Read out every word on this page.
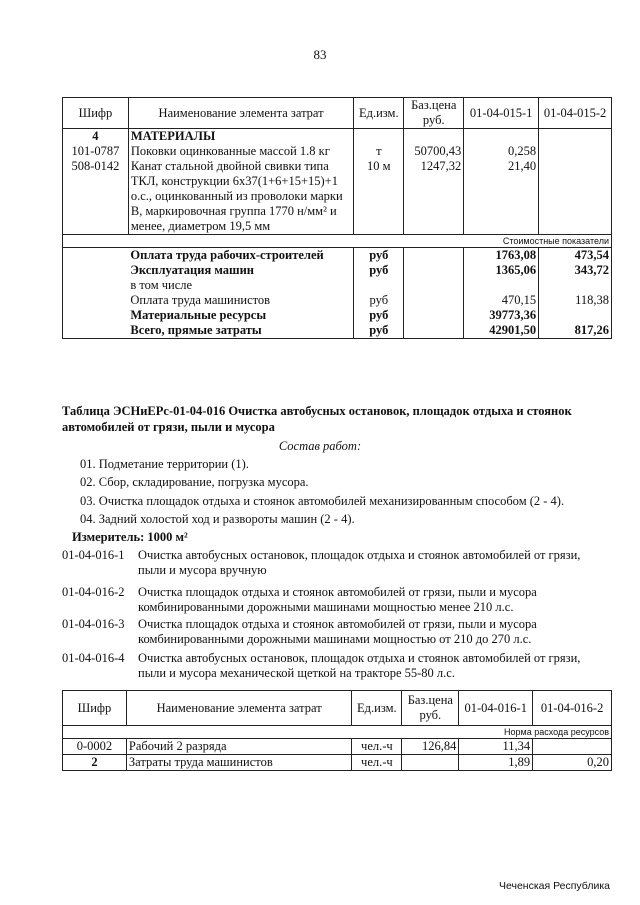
83
Шифр	Наименование элемента затрат	Ед.изм.	Баз.цена руб.	01-04-015-1	01-04-015-2
4	МАТЕРИАЛЫ				
101-0787	Поковки оцинкованные массой 1.8 кг	т	50700,43	0,258	
508-0142	Канат стальной двойной свивки типа ТКЛ, конструкции 6х37(1+6+15+15)+1 о.с., оцинкованный из проволоки марки В, маркировочная группа 1770 н/мм² и менее, диаметром 19,5 мм	10 м	1247,32	21,40	
Стоимостные показатели					
	Оплата труда рабочих-строителей	руб		1763,08	473,54
	Эксплуатация машин	руб		1365,06	343,72
	в том числе				
	Оплата труда машинистов	руб		470,15	118,38
	Материальные ресурсы	руб		39773,36	
	Всего, прямые затраты	руб		42901,50	817,26
Таблица ЭСНиЕРс-01-04-016 Очистка автобусных остановок, площадок отдыха и стоянок
автомобилей от грязи, пыли и мусора
Состав работ:
01. Подметание территории (1).
02. Сбор, складирование, погрузка мусора.
03. Очистка площадок отдыха и стоянок автомобилей механизированным способом (2 - 4).
04. Задний холостой ход и развороты машин (2 - 4).
Измеритель: 1000 м²
01-04-016-1 Очистка автобусных остановок, площадок отдыха и стоянок автомобилей от грязи, пыли и мусора вручную
01-04-016-2 Очистка площадок отдыха и стоянок автомобилей от грязи, пыли и мусора комбинированными дорожными машинами мощностью менее 210 л.с.
01-04-016-3 Очистка площадок отдыха и стоянок автомобилей от грязи, пыли и мусора комбинированными дорожными машинами мощностью от 210 до 270 л.с.
01-04-016-4 Очистка автобусных остановок, площадок отдыха и стоянок автомобилей от грязи, пыли и мусора механической щеткой на тракторе 55-80 л.с.
Шифр	Наименование элемента затрат	Ед.изм.	Баз.цена руб.	01-04-016-1	01-04-016-2
Норма расхода ресурсов					
0-0002	Рабочий 2 разряда	чел.-ч	126,84	11,34	
2	Затраты труда машинистов	чел.-ч		1,89	0,20
Чеченская Республика
